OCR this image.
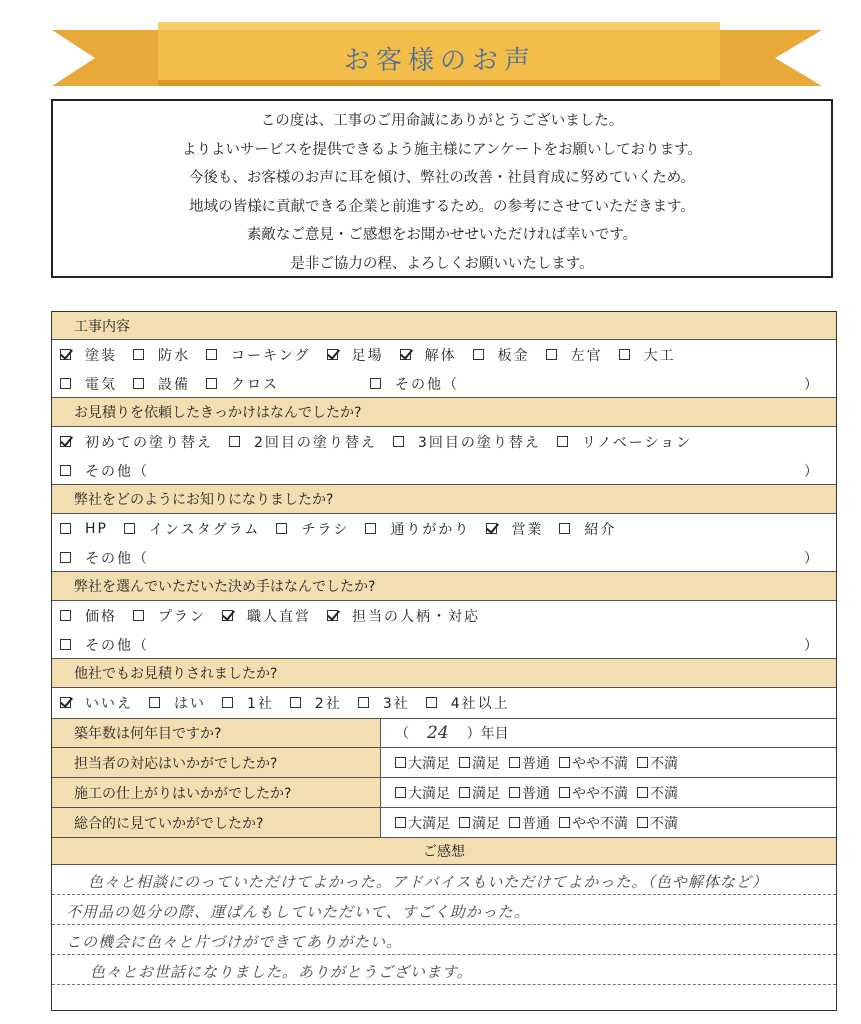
お客様のお声
この度は、工事のご用命誠にありがとうございました。
よりよいサービスを提供できるよう施主様にアンケートをお願いしております。
今後も、お客様のお声に耳を傾け、弊社の改善・社員育成に努めていくため。
地域の皆様に貢献できる企業と前進するため。の参考にさせていただきます。
素敵なご意見・ご感想をお聞かせせいただければ幸いです。
是非ご協力の程、よろしくお願いいたします。
工事内容
塗装	防水	コーキング	足場	解体	板金	左官	大工
電気	設備	クロス	その他（	）
お見積りを依頼したきっかけはなんでしたか?
初めての塗り替え	2回目の塗り替え	3回目の塗り替え	リノベーション
その他（	）
弊社をどのようにお知りになりましたか?
HP	インスタグラム	チラシ	通りがかり	営業	紹介
その他（	）
弊社を選んでいただいた決め手はなんでしたか?
価格	プラン	職人直営	担当の人柄・対応
その他（	）
他社でもお見積りされましたか?
いいえ	はい	1社	2社	3社	4社以上
築年数は何年目ですか?	（ 24 ）年目
担当者の対応はいかがでしたか?	大満足 満足 普通 やや不満 不満
施工の仕上がりはいかがでしたか?	大満足 満足 普通 やや不満 不満
総合的に見ていかがでしたか?	大満足 満足 普通 やや不満 不満
ご感想
色々と相談にのっていただけてよかった。アドバイスもいただけてよかった。（色や解体など）
不用品の処分の際、運ぱんもしていただいて、すごく助かった。
この機会に色々と片づけができてありがたい。
色々とお世話になりました。ありがとうございます。
